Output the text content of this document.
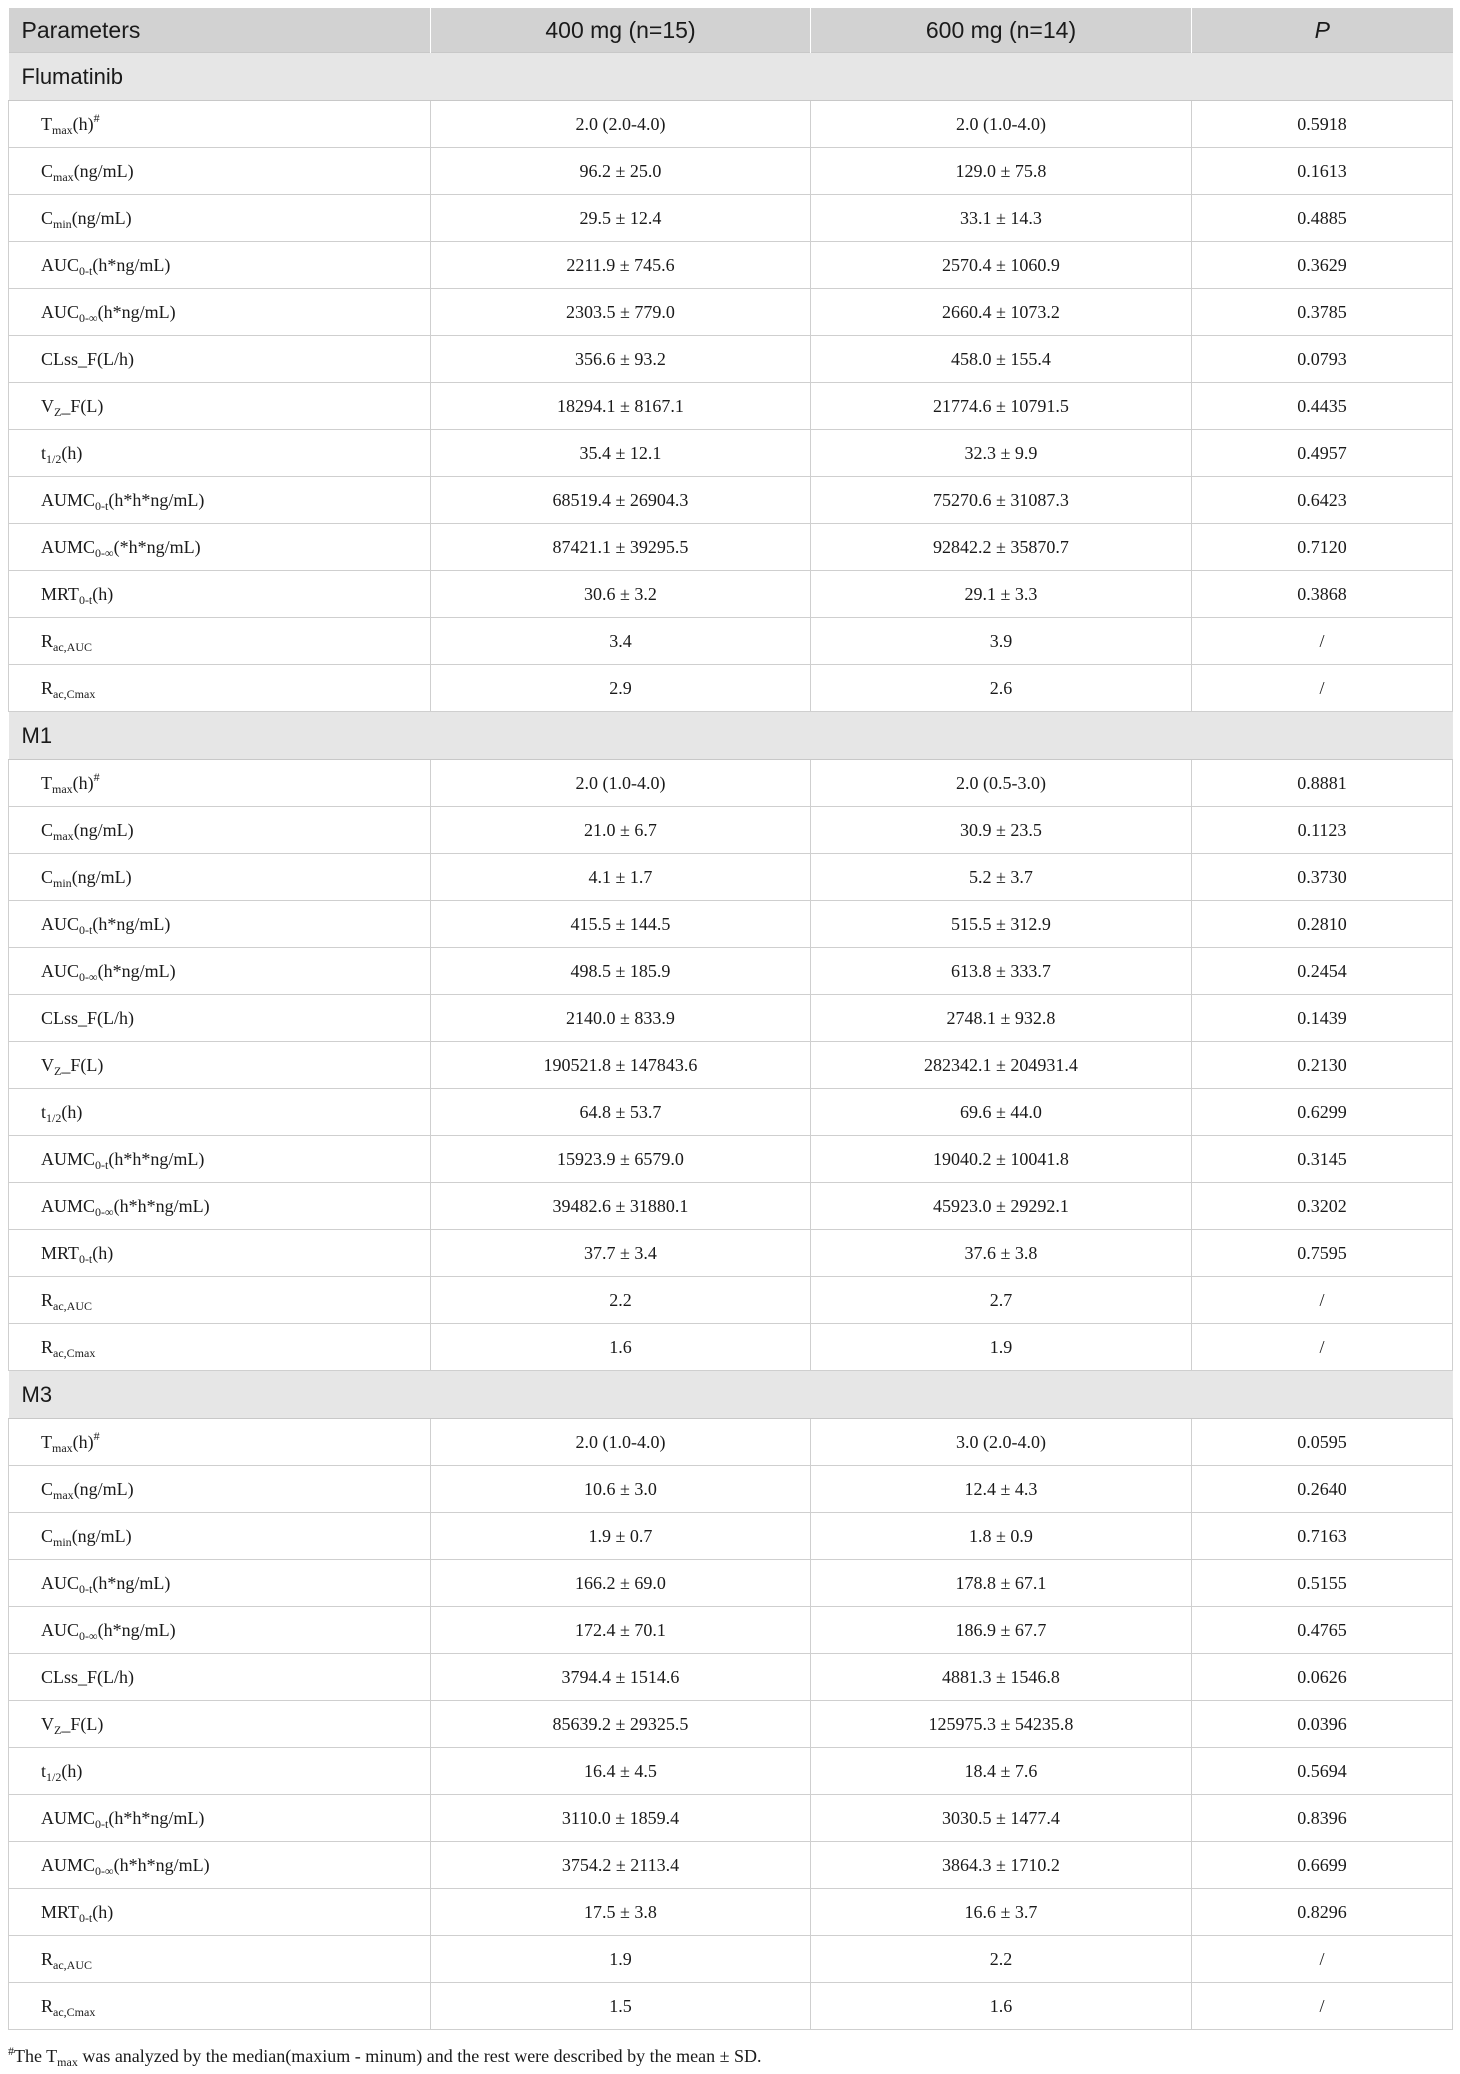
Parameters	400 mg (n=15)	600 mg (n=14)	P
Flumatinib			
$T_{max}(h)^{\#}$	2.0 (2.0-4.0)	2.0 (1.0-4.0)	0.5918
$C_{max}(ng/mL)$	96.2 ± 25.0	129.0 ± 75.8	0.1613
$C_{min}(ng/mL)$	29.5 ± 12.4	33.1 ± 14.3	0.4885
$AUC_{0-t}(h*ng/mL)$	2211.9 ± 745.6	2570.4 ± 1060.9	0.3629
$AUC_{0-\infty}(h*ng/mL)$	2303.5 ± 779.0	2660.4 ± 1073.2	0.3785
CLss_F(L/h)	356.6 ± 93.2	458.0 ± 155.4	0.0793
$V_Z\_F(L)$	18294.1 ± 8167.1	21774.6 ± 10791.5	0.4435
$t_{1/2}(h)$	35.4 ± 12.1	32.3 ± 9.9	0.4957
$AUMC_{0-t}(h*h*ng/mL)$	68519.4 ± 26904.3	75270.6 ± 31087.3	0.6423
$AUMC_{0-\infty}(*h*ng/mL)$	87421.1 ± 39295.5	92842.2 ± 35870.7	0.7120
$MRT_{0-t}(h)$	30.6 ± 3.2	29.1 ± 3.3	0.3868
$R_{ac,AUC}$	3.4	3.9	/
$R_{ac,Cmax}$	2.9	2.6	/
M1			
$T_{max}(h)^{\#}$	2.0 (1.0-4.0)	2.0 (0.5-3.0)	0.8881
$C_{max}(ng/mL)$	21.0 ± 6.7	30.9 ± 23.5	0.1123
$C_{min}(ng/mL)$	4.1 ± 1.7	5.2 ± 3.7	0.3730
$AUC_{0-t}(h*ng/mL)$	415.5 ± 144.5	515.5 ± 312.9	0.2810
$AUC_{0-\infty}(h*ng/mL)$	498.5 ± 185.9	613.8 ± 333.7	0.2454
CLss_F(L/h)	2140.0 ± 833.9	2748.1 ± 932.8	0.1439
$V_Z\_F(L)$	190521.8 ± 147843.6	282342.1 ± 204931.4	0.2130
$t_{1/2}(h)$	64.8 ± 53.7	69.6 ± 44.0	0.6299
$AUMC_{0-t}(h*h*ng/mL)$	15923.9 ± 6579.0	19040.2 ± 10041.8	0.3145
$AUMC_{0-\infty}(h*h*ng/mL)$	39482.6 ± 31880.1	45923.0 ± 29292.1	0.3202
$MRT_{0-t}(h)$	37.7 ± 3.4	37.6 ± 3.8	0.7595
$R_{ac,AUC}$	2.2	2.7	/
$R_{ac,Cmax}$	1.6	1.9	/
M3			
$T_{max}(h)^{\#}$	2.0 (1.0-4.0)	3.0 (2.0-4.0)	0.0595
$C_{max}(ng/mL)$	10.6 ± 3.0	12.4 ± 4.3	0.2640
$C_{min}(ng/mL)$	1.9 ± 0.7	1.8 ± 0.9	0.7163
$AUC_{0-t}(h*ng/mL)$	166.2 ± 69.0	178.8 ± 67.1	0.5155
$AUC_{0-\infty}(h*ng/mL)$	172.4 ± 70.1	186.9 ± 67.7	0.4765
CLss_F(L/h)	3794.4 ± 1514.6	4881.3 ± 1546.8	0.0626
$V_Z\_F(L)$	85639.2 ± 29325.5	125975.3 ± 54235.8	0.0396
$t_{1/2}(h)$	16.4 ± 4.5	18.4 ± 7.6	0.5694
$AUMC_{0-t}(h*h*ng/mL)$	3110.0 ± 1859.4	3030.5 ± 1477.4	0.8396
$AUMC_{0-\infty}(h*h*ng/mL)$	3754.2 ± 2113.4	3864.3 ± 1710.2	0.6699
$MRT_{0-t}(h)$	17.5 ± 3.8	16.6 ± 3.7	0.8296
$R_{ac,AUC}$	1.9	2.2	/
$R_{ac,Cmax}$	1.5	1.6	/
#The $T_{max}$ was analyzed by the median(maxium - minum) and the rest were described by the mean ± SD.
